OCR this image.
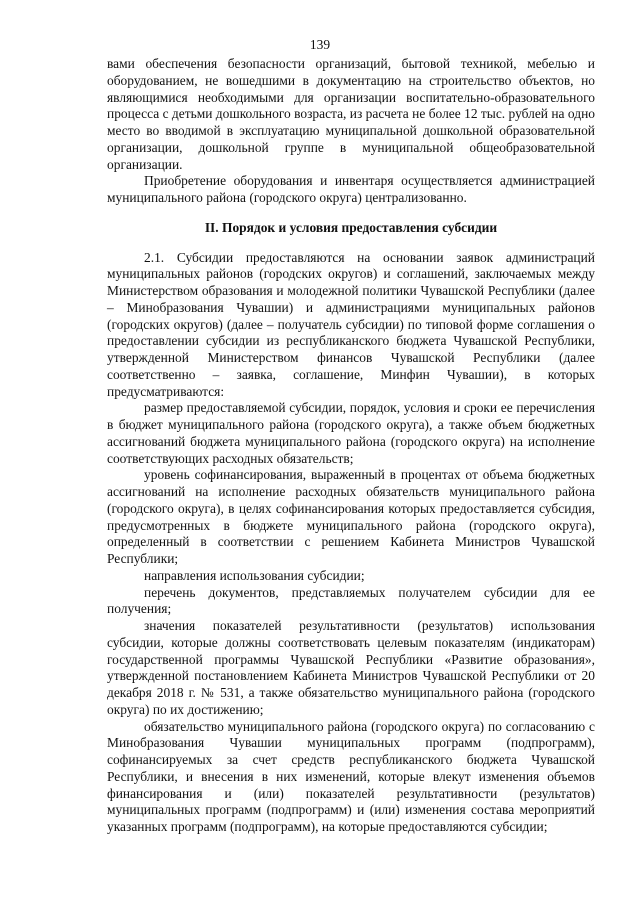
139

вами обеспечения безопасности организаций, бытовой техникой, мебелью и оборудованием, не вошедшими в документацию на строительство объектов, но являющимися необходимыми для организации воспитательно-образовательного процесса с детьми дошкольного возраста, из расчета не более 12 тыс. рублей на одно место во вводимой в эксплуатацию муниципальной дошкольной образовательной организации, дошкольной группе в муниципальной общеобразовательной организации.

Приобретение оборудования и инвентаря осуществляется администрацией муниципального района (городского округа) централизованно.

II. Порядок и условия предоставления субсидии

2.1. Субсидии предоставляются на основании заявок администраций муниципальных районов (городских округов) и соглашений, заключаемых между Министерством образования и молодежной политики Чувашской Республики (далее – Минобразования Чувашии) и администрациями муниципальных районов (городских округов) (далее – получатель субсидии) по типовой форме соглашения о предоставлении субсидии из республиканского бюджета Чувашской Республики, утвержденной Министерством финансов Чувашской Республики (далее соответственно – заявка, соглашение, Минфин Чувашии), в которых предусматриваются:

размер предоставляемой субсидии, порядок, условия и сроки ее перечисления в бюджет муниципального района (городского округа), а также объем бюджетных ассигнований бюджета муниципального района (городского округа) на исполнение соответствующих расходных обязательств;

уровень софинансирования, выраженный в процентах от объема бюджетных ассигнований на исполнение расходных обязательств муниципального района (городского округа), в целях софинансирования которых предоставляется субсидия, предусмотренных в бюджете муниципального района (городского округа), определенный в соответствии с решением Кабинета Министров Чувашской Республики;

направления использования субсидии;

перечень документов, представляемых получателем субсидии для ее получения;

значения показателей результативности (результатов) использования субсидии, которые должны соответствовать целевым показателям (индикаторам) государственной программы Чувашской Республики «Развитие образования», утвержденной постановлением Кабинета Министров Чувашской Республики от 20 декабря 2018 г. № 531, а также обязательство муниципального района (городского округа) по их достижению;

обязательство муниципального района (городского округа) по согласованию с Минобразования Чувашии муниципальных программ (подпрограмм), софинансируемых за счет средств республиканского бюджета Чувашской Республики, и внесения в них изменений, которые влекут изменения объемов финансирования и (или) показателей результативности (результатов) муниципальных программ (подпрограмм) и (или) изменения состава мероприятий указанных программ (подпрограмм), на которые предоставляются субсидии;
